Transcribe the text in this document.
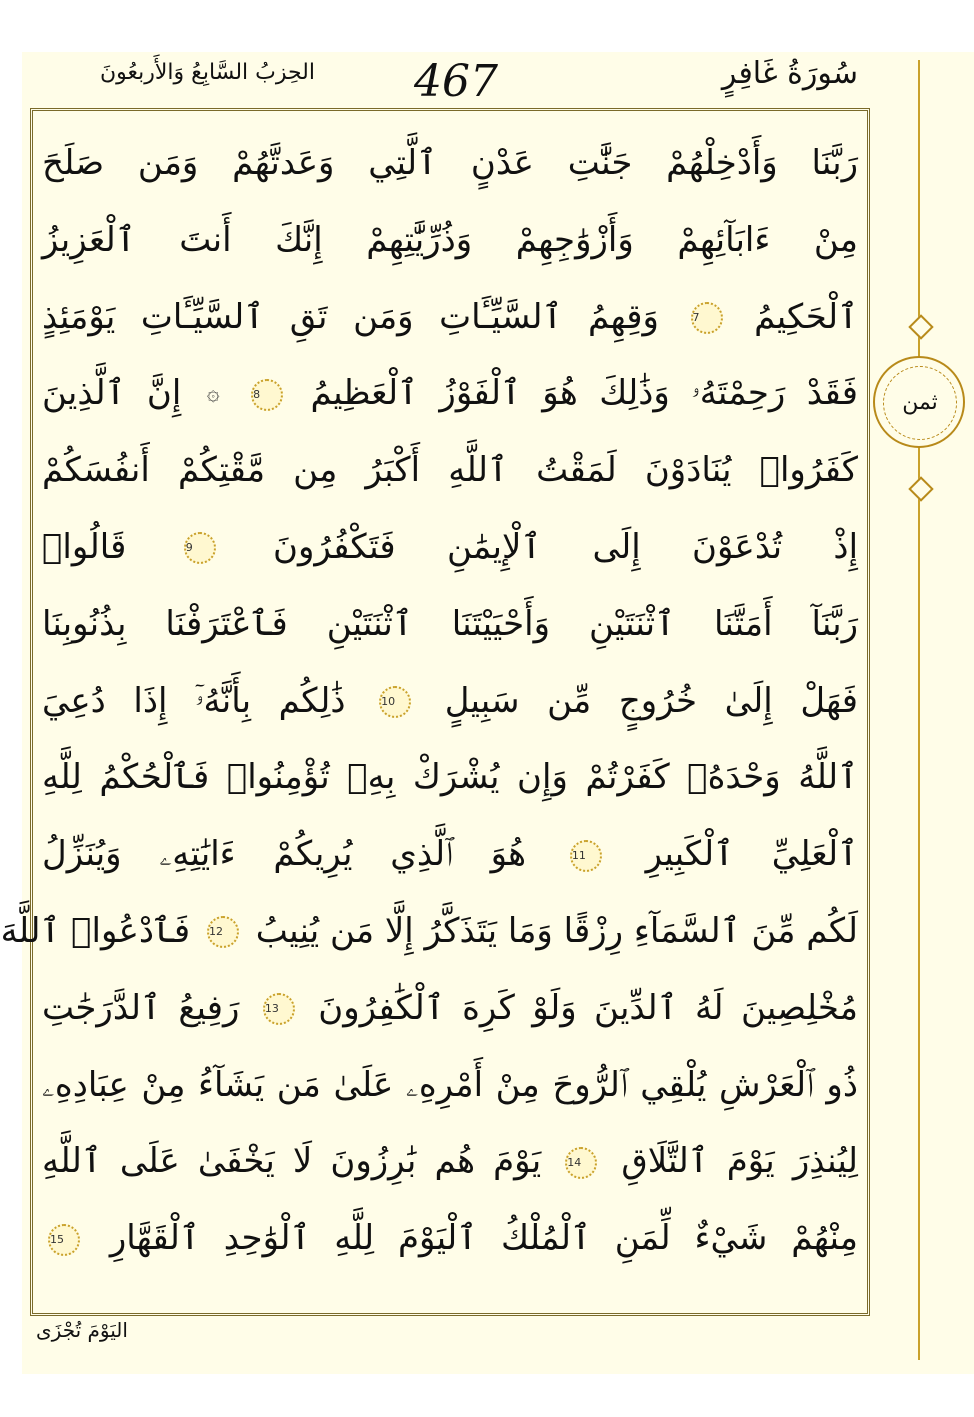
الحِزبُ السَّابِعُ وَالأَربعُونَ 467	سُورَةُ غَافِرٍ
رَبَّنَا وَأَدْخِلْهُمْ جَنَّٰتِ عَدْنٍ ٱلَّتِي وَعَدتَّهُمْ وَمَن صَلَحَ
مِنْ ءَابَآئِهِمْ وَأَزْوَٰجِهِمْ وَذُرِّيَّٰتِهِمْ إِنَّكَ أَنتَ ٱلْعَزِيزُ
ٱلْحَكِيمُ 7 وَقِهِمُ ٱلسَّيِّـَٔاتِ وَمَن تَقِ ٱلسَّيِّـَٔاتِ يَوْمَئِذٍ
فَقَدْ رَحِمْتَهُۥ وَذَٰلِكَ هُوَ ٱلْفَوْزُ ٱلْعَظِيمُ 8 ۞ إِنَّ ٱلَّذِينَ
كَفَرُوا۟ يُنَادَوْنَ لَمَقْتُ ٱللَّهِ أَكْبَرُ مِن مَّقْتِكُمْ أَنفُسَكُمْ
إِذْ تُدْعَوْنَ إِلَى ٱلْإِيمَٰنِ فَتَكْفُرُونَ 9 قَالُوا۟
رَبَّنَآ أَمَتَّنَا ٱثْنَتَيْنِ وَأَحْيَيْتَنَا ٱثْنَتَيْنِ فَٱعْتَرَفْنَا بِذُنُوبِنَا
فَهَلْ إِلَىٰ خُرُوجٍ مِّن سَبِيلٍ 10 ذَٰلِكُم بِأَنَّهُۥٓ إِذَا دُعِيَ
ٱللَّهُ وَحْدَهُۥ كَفَرْتُمْ وَإِن يُشْرَكْ بِهِۦ تُؤْمِنُوا۟ فَٱلْحُكْمُ لِلَّهِ
ٱلْعَلِيِّ ٱلْكَبِيرِ 11 هُوَ ٱلَّذِي يُرِيكُمْ ءَايَٰتِهِۦ وَيُنَزِّلُ
لَكُم مِّنَ ٱلسَّمَآءِ رِزْقًا وَمَا يَتَذَكَّرُ إِلَّا مَن يُنِيبُ 12 فَٱدْعُوا۟ ٱللَّهَ
مُخْلِصِينَ لَهُ ٱلدِّينَ وَلَوْ كَرِهَ ٱلْكَٰفِرُونَ 13 رَفِيعُ ٱلدَّرَجَٰتِ
ذُو ٱلْعَرْشِ يُلْقِي ٱلرُّوحَ مِنْ أَمْرِهِۦ عَلَىٰ مَن يَشَآءُ مِنْ عِبَادِهِۦ
لِيُنذِرَ يَوْمَ ٱلتَّلَاقِ 14 يَوْمَ هُم بَٰرِزُونَ لَا يَخْفَىٰ عَلَى ٱللَّهِ
مِنْهُمْ شَيْءٌ لِّمَنِ ٱلْمُلْكُ ٱلْيَوْمَ لِلَّهِ ٱلْوَٰحِدِ ٱلْقَهَّارِ 15
ثمن
اليَوْمَ تُجْزَى
